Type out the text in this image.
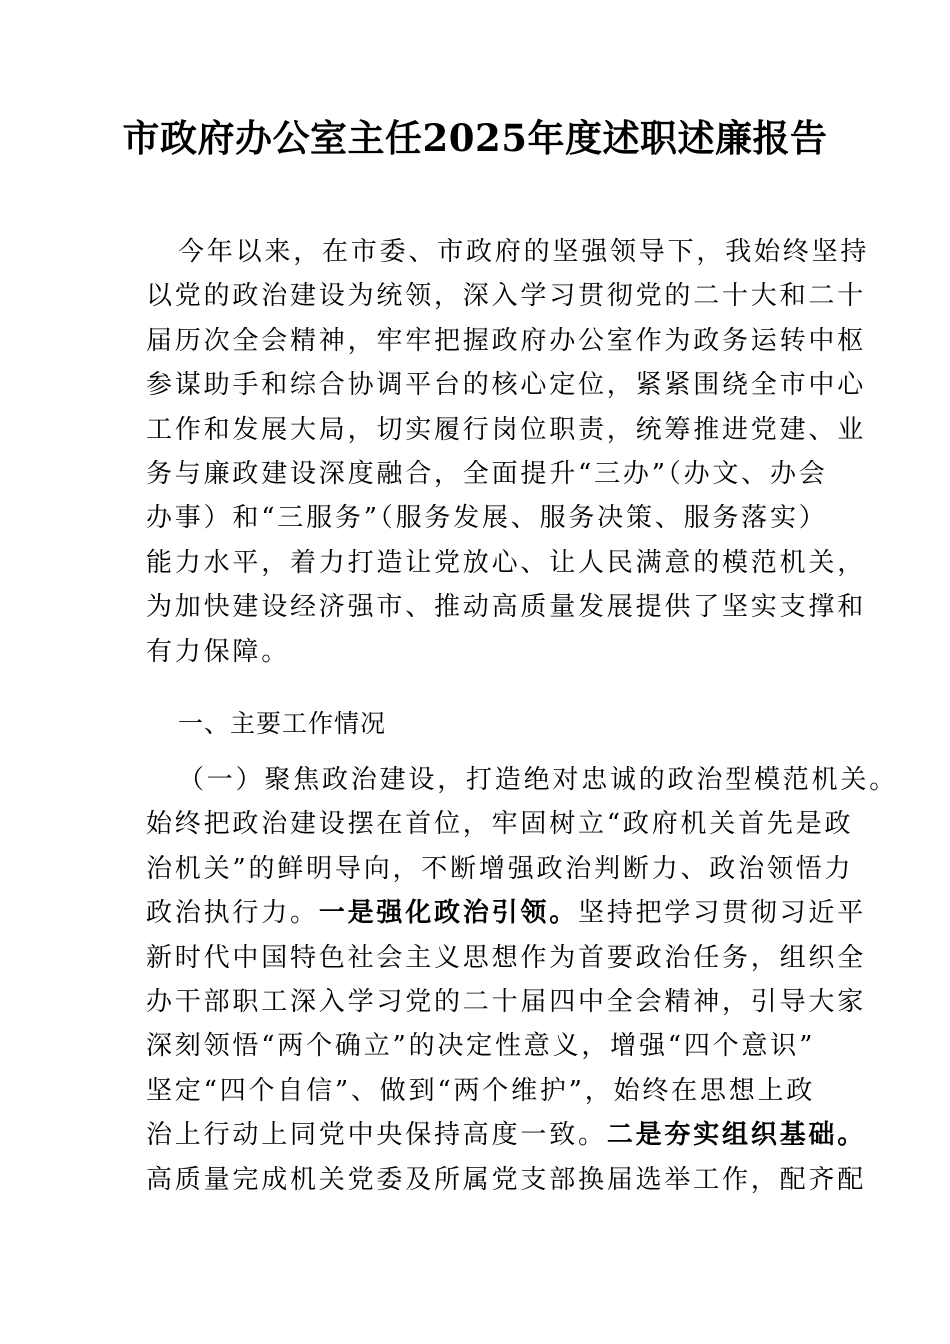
市政府办公室主任2025年度述职述廉报告
今年以来，在市委、市政府的坚强领导下，我始终坚持
以党的政治建设为统领，深入学习贯彻党的二十大和二十
届历次全会精神，牢牢把握政府办公室作为政务运转中枢
参谋助手和综合协调平台的核心定位，紧紧围绕全市中心
工作和发展大局，切实履行岗位职责，统筹推进党建、业
务与廉政建设深度融合，全面提升“三办”（办文、办会
办事）和“三服务”（服务发展、服务决策、服务落实）
能力水平，着力打造让党放心、让人民满意的模范机关，
为加快建设经济强市、推动高质量发展提供了坚实支撑和
有力保障。
一、主要工作情况
（一）聚焦政治建设，打造绝对忠诚的政治型模范机关。
始终把政治建设摆在首位，牢固树立“政府机关首先是政
治机关”的鲜明导向，不断增强政治判断力、政治领悟力
政治执行力。一是强化政治引领。坚持把学习贯彻习近平
新时代中国特色社会主义思想作为首要政治任务，组织全
办干部职工深入学习党的二十届四中全会精神，引导大家
深刻领悟“两个确立”的决定性意义，增强“四个意识”
坚定“四个自信”、做到“两个维护”，始终在思想上政
治上行动上同党中央保持高度一致。二是夯实组织基础。
高质量完成机关党委及所属党支部换届选举工作，配齐配
